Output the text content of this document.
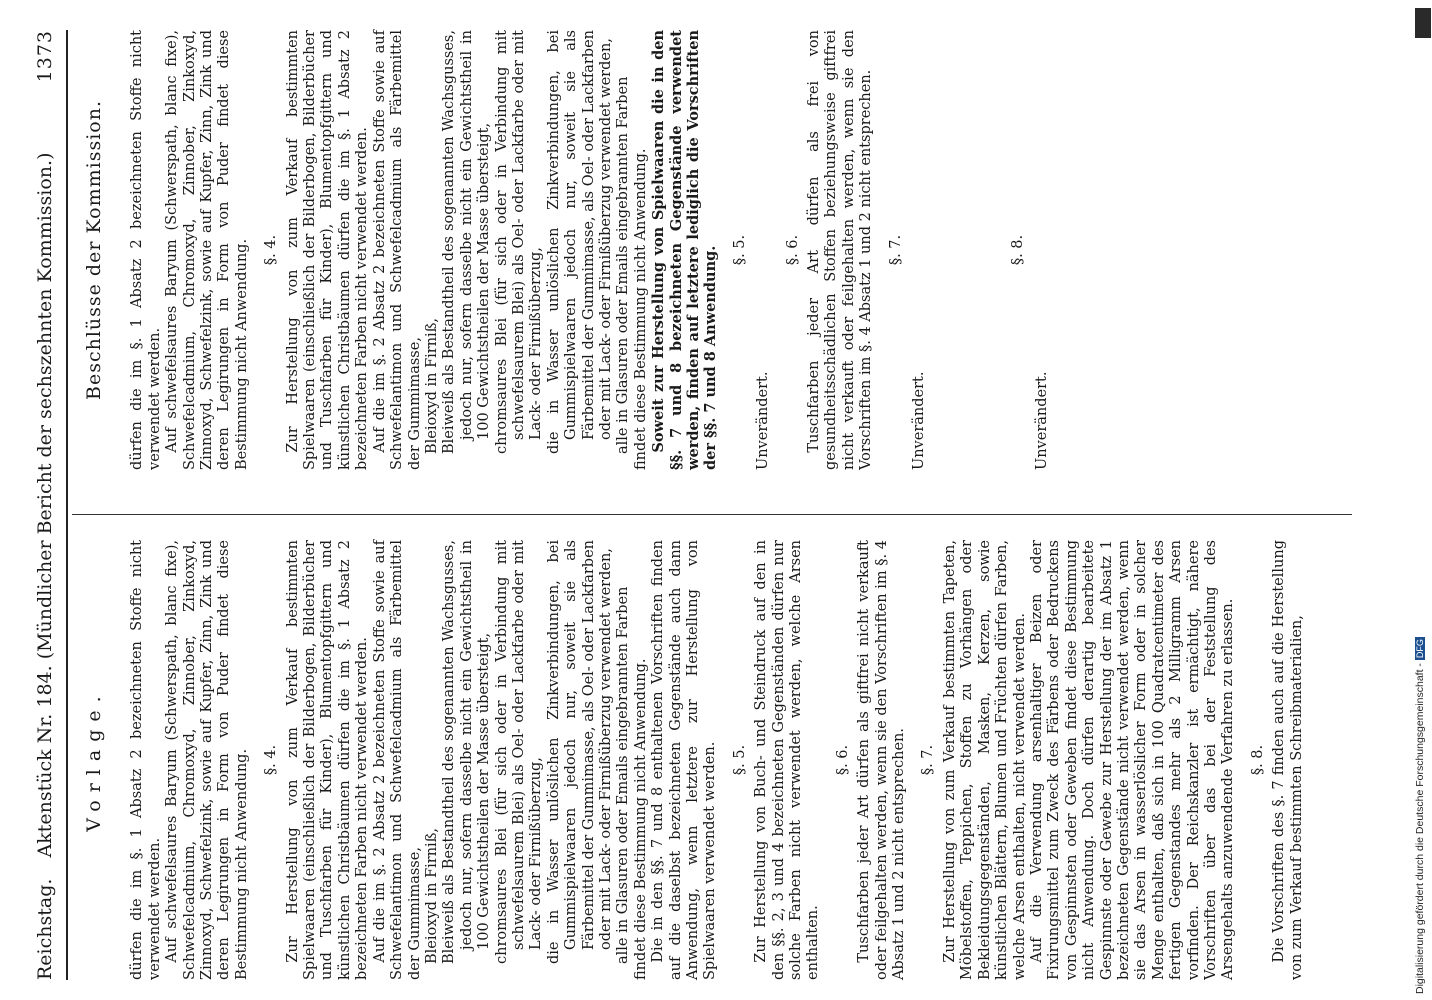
Reichstag.
Aktenstück Nr. 184. (Mündlicher Bericht der sechszehnten Kommission.)
1373
Vorlage. dürfen die im §. 1 Absatz 2 bezeichneten Stoffe nicht verwendet werden. Auf schwefelsaures Baryum (Schwerspath, blanc fixe), Schwefelcadmium, Chromoxyd, Zinnober, Zinkoxyd, Zinnoxyd, Schwefelzink, sowie auf Kupfer, Zinn, Zink und deren Legirungen in Form von Puder findet diese Bestimmung nicht Anwendung. §. 4. Zur Herstellung von zum Verkauf bestimmten Spielwaaren (einschließlich der Bilderbogen, Bilderbücher und Tuschfarben für Kinder), Blumentopfgittern und künstlichen Christbäumen dürfen die im §. 1 Absatz 2 bezeichneten Farben nicht verwendet werden. Auf die im §. 2 Absatz 2 bezeichneten Stoffe sowie auf Schwefelantimon und Schwefelcadmium als Färbemittel der Gummimasse, Bleioxyd in Firniß, Bleiweiß als Bestandtheil des sogenannten Wachsgusses, jedoch nur, sofern dasselbe nicht ein Gewichtstheil in 100 Gewichtstheilen der Masse übersteigt, chromsaures Blei (für sich oder in Verbindung mit schwefelsaurem Blei) als Oel- oder Lackfarbe oder mit Lack- oder Firnißüberzug, die in Wasser unlöslichen Zinkverbindungen, bei Gummispielwaaren jedoch nur, soweit sie als Färbemittel der Gummimasse, als Oel- oder Lackfarben oder mit Lack- oder Firnißüberzug verwendet werden, alle in Glasuren oder Emails eingebrannten Farben findet diese Bestimmung nicht Anwendung. Die in den §§. 7 und 8 enthaltenen Vorschriften finden auf die daselbst bezeichneten Gegenstände auch dann Anwendung, wenn letztere zur Herstellung von Spielwaaren verwendet werden. §. 5. Zur Herstellung von Buch- und Steindruck auf den in den §§. 2, 3 und 4 bezeichneten Gegenständen dürfen nur solche Farben nicht verwendet werden, welche Arsen enthalten.

§. 6. Tuschfarben jeder Art dürfen als giftfrei nicht verkauft oder feilgehalten werden, wenn sie den Vorschriften im §. 4 Absatz 1 und 2 nicht entsprechen. §. 7. Zur Herstellung von zum Verkauf bestimmten Tapeten, Möbelstoffen, Teppichen, Stoffen zu Vorhängen oder Bekleidungsgegenständen, Masken, Kerzen, sowie künstlichen Blättern, Blumen und Früchten dürfen Farben, welche Arsen enthalten, nicht verwendet werden. Auf die Verwendung arsenhaltiger Beizen oder Fixirungsmittel zum Zweck des Färbens oder Bedruckens von Gespinnsten oder Geweben findet diese Bestimmung nicht Anwendung. Doch dürfen derartig bearbeitete Gespinnste oder Gewebe zur Herstellung der im Absatz 1 bezeichneten Gegenstände nicht verwendet werden, wenn sie das Arsen in wasserlöslicher Form oder in solcher Menge enthalten, daß sich in 100 Quadratcentimeter des fertigen Gegenstandes mehr als 2 Milligramm Arsen vorfinden. Der Reichskanzler ist ermächtigt, nähere Vorschriften über das bei der Feststellung des Arsengehalts anzuwendende Verfahren zu erlassen. §. 8. Die Vorschriften des §. 7 finden auch auf die Herstellung von zum Verkauf bestimmten Schreibmaterialien,

Beschlüsse der Kommission. dürfen die im §. 1 Absatz 2 bezeichneten Stoffe nicht verwendet werden. Auf schwefelsaures Baryum (Schwerspath, blanc fixe), Schwefelcadmium, Chromoxyd, Zinnober, Zinkoxyd, Zinnoxyd, Schwefelzink, sowie auf Kupfer, Zinn, Zink und deren Legirungen in Form von Puder findet diese Bestimmung nicht Anwendung. §. 4. Zur Herstellung von zum Verkauf bestimmten Spielwaaren (einschließlich der Bilderbogen, Bilderbücher und Tuschfarben für Kinder), Blumentopfgittern und künstlichen Christbäumen dürfen die im §. 1 Absatz 2 bezeichneten Farben nicht verwendet werden. Auf die im §. 2 Absatz 2 bezeichneten Stoffe sowie auf Schwefelantimon und Schwefelcadmium als Färbemittel der Gummimasse, Bleioxyd in Firniß, Bleiweiß als Bestandtheil des sogenannten Wachsgusses, jedoch nur, sofern dasselbe nicht ein Gewichtstheil in 100 Gewichtstheilen der Masse übersteigt, chromsaures Blei (für sich oder in Verbindung mit schwefelsaurem Blei) als Oel- oder Lackfarbe oder mit Lack- oder Firnißüberzug, die in Wasser unlöslichen Zinkverbindungen, bei Gummispielwaaren jedoch nur, soweit sie als Färbemittel der Gummimasse, als Oel- oder Lackfarben oder mit Lack- oder Firnißüberzug verwendet werden, alle in Glasuren oder Emails eingebrannten Farben findet diese Bestimmung nicht Anwendung. Soweit zur Herstellung von Spielwaaren die in den §§. 7 und 8 bezeichneten Gegenstände verwendet werden, finden auf letztere lediglich die Vorschriften der §§. 7 und 8 Anwendung. §. 5.

Unverändert.

§. 6. Tuschfarben jeder Art dürfen als frei von gesundheitsschädlichen Stoffen beziehungsweise giftfrei nicht verkauft oder feilgehalten werden, wenn sie den Vorschriften im §. 4 Absatz 1 und 2 nicht entsprechen. §. 7.

Unverändert.

§. 8.

Unverändert.

Digitalisierung gefördert durch die Deutsche Forschungsgemeinschaft -DFG
